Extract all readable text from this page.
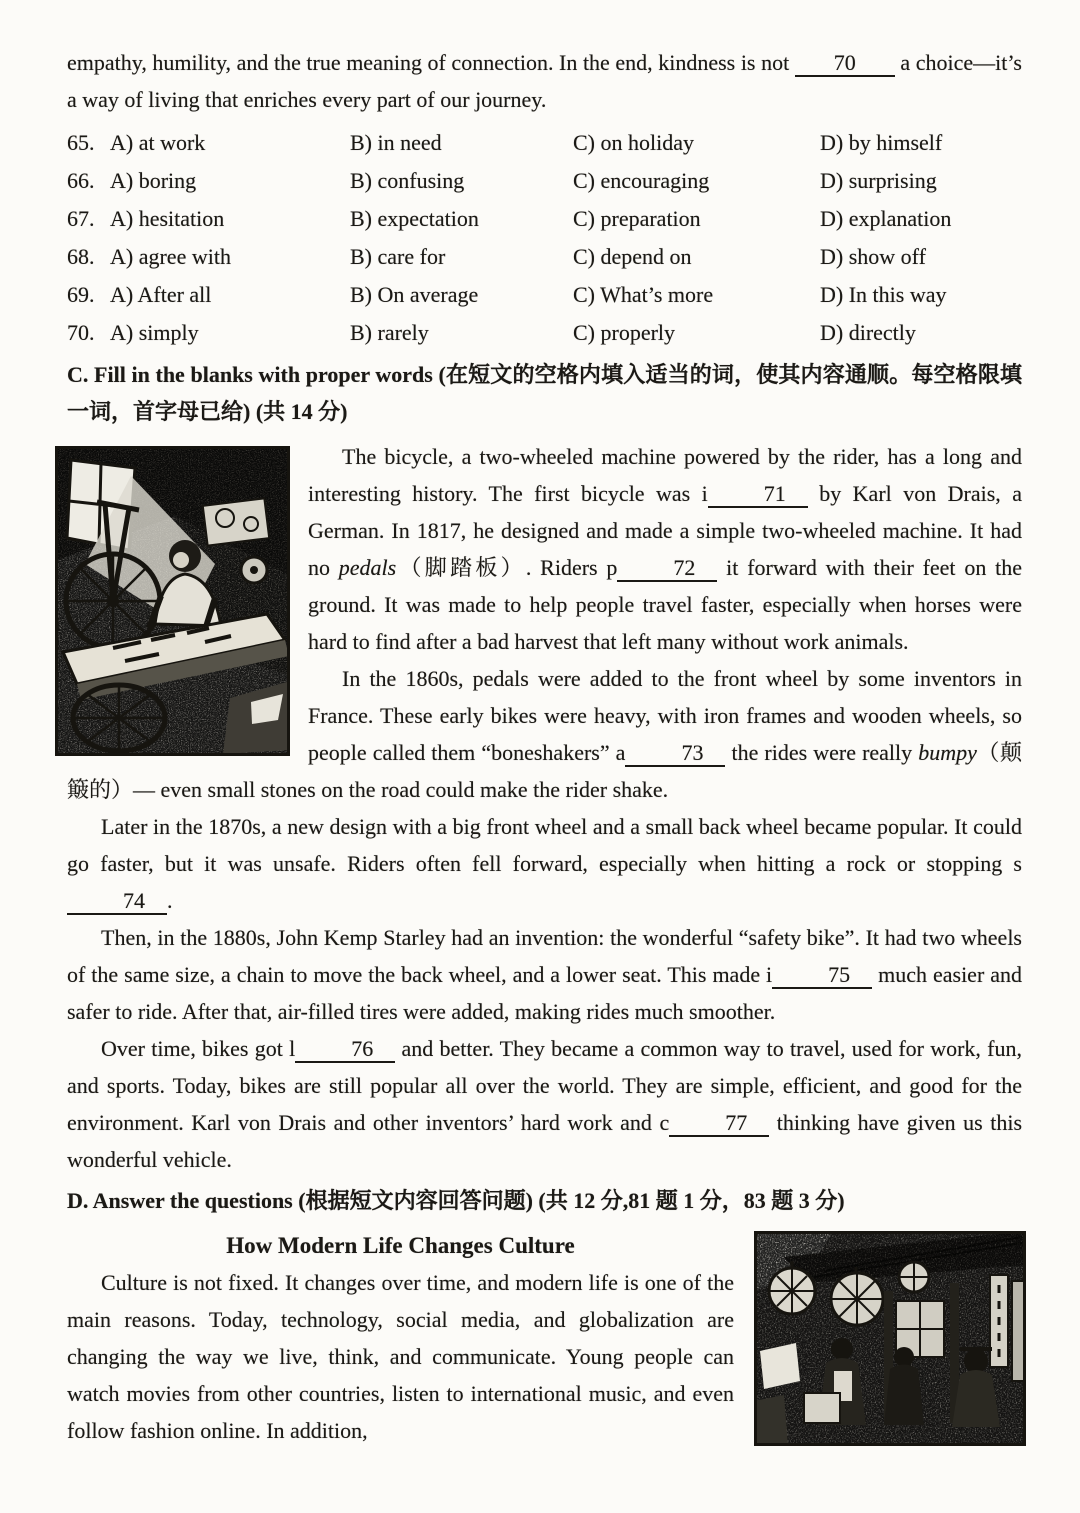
empathy, humility, and the true meaning of connection. In the end, kindness is not 70 a choice—it’s a way of living that enriches every part of our journey.

65. A) at work	B) in need	C) on holiday	D) by himself
66. A) boring	B) confusing	C) encouraging	D) surprising
67. A) hesitation	B) expectation	C) preparation	D) explanation
68. A) agree with	B) care for	C) depend on	D) show off
69. A) After all	B) On average	C) What’s more	D) In this way
70. A) simply	B) rarely	C) properly	D) directly

C. Fill in the blanks with proper words (在短文的空格内填入适当的词，使其内容通顺。每空格限填一词，首字母已给) (共 14 分)

The bicycle, a two-wheeled machine powered by the rider, has a long and interesting history. The first bicycle was i	71 by Karl von Drais, a German. In 1817, he designed and made a simple two-wheeled machine. It had no pedals（脚踏板）. Riders p	72 it forward with their feet on the ground. It was made to help people travel faster, especially when horses were hard to find after a bad harvest that left many without work animals.

In the 1860s, pedals were added to the front wheel by some inventors in France. These early bikes were heavy, with iron frames and wooden wheels, so people called them “boneshakers” a	73 the rides were really bumpy（颠簸的）— even small stones on the road could make the rider shake.

Later in the 1870s, a new design with a big front wheel and a small back wheel became popular. It could go faster, but it was unsafe. Riders often fell forward, especially when hitting a rock or stopping s74 .

Then, in the 1880s, John Kemp Starley had an invention: the wonderful “safety bike”. It had two wheels of the same size, a chain to move the back wheel, and a lower seat. This made i	75 much easier and safer to ride. After that, air-filled tires were added, making rides much smoother.

Over time, bikes got l	76 and better. They became a common way to travel, used for work, fun, and sports. Today, bikes are still popular all over the world. They are simple, efficient, and good for the environment. Karl von Drais and other inventors’ hard work and c	77 thinking have given us this wonderful vehicle.

D. Answer the questions (根据短文内容回答问题) (共 12 分,81 题 1 分，83 题 3 分)

How Modern Life Changes Culture

Culture is not fixed. It changes over time, and modern life is one of the main reasons. Today, technology, social media, and globalization are changing the way we live, think, and communicate. Young people can watch movies from other countries, listen to international music, and even follow fashion online. In addition,
